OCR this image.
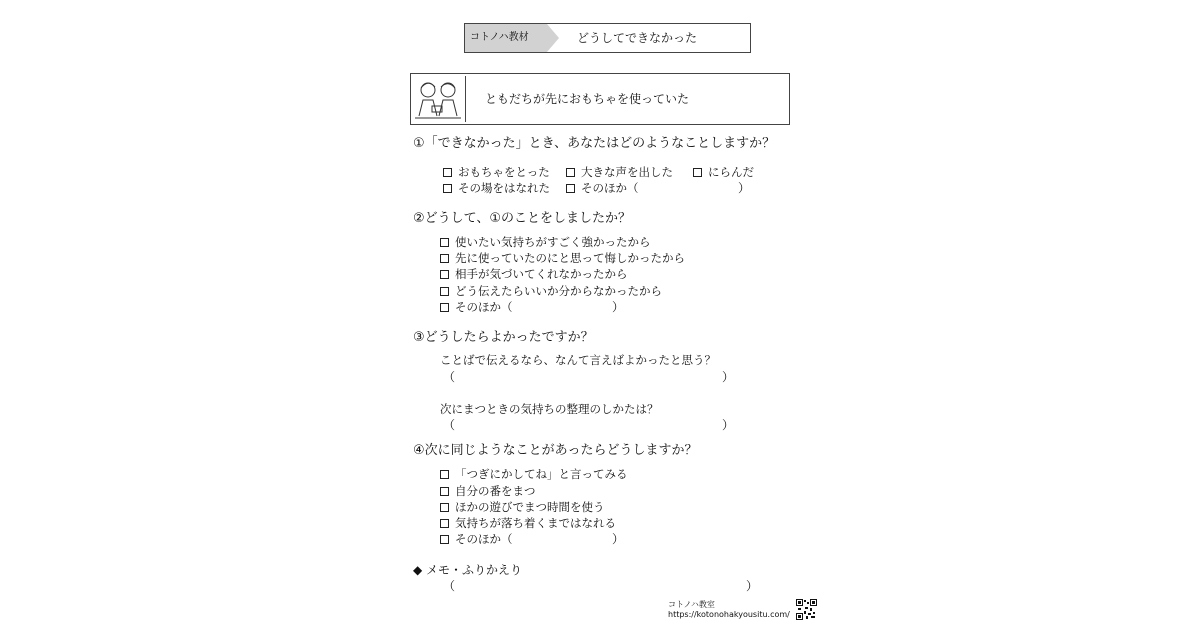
コトノハ教材	どうしてできなかった
ともだちが先におもちゃを使っていた
①「できなかった」とき、あなたはどのようなことしますか？
おもちゃをとった	大きな声を出した	にらんだ
その場をはなれた	そのほか（	）
②どうして、①のことをしましたか？
使いたい気持ちがすごく強かったから
先に使っていたのにと思って悔しかったから
相手が気づいてくれなかったから
どう伝えたらいいか分からなかったから
そのほか（	）
③どうしたらよかったですか？
ことばで伝えるなら、なんて言えばよかったと思う？
（	）
次にまつときの気持ちの整理のしかたは？
（	）
④次に同じようなことがあったらどうしますか？
「つぎにかしてね」と言ってみる
自分の番をまつ
ほかの遊びでまつ時間を使う
気持ちが落ち着くまではなれる
そのほか（	）
◆ メモ・ふりかえり
（	）
コトノハ教室
https://kotonohakyousitu.com/
